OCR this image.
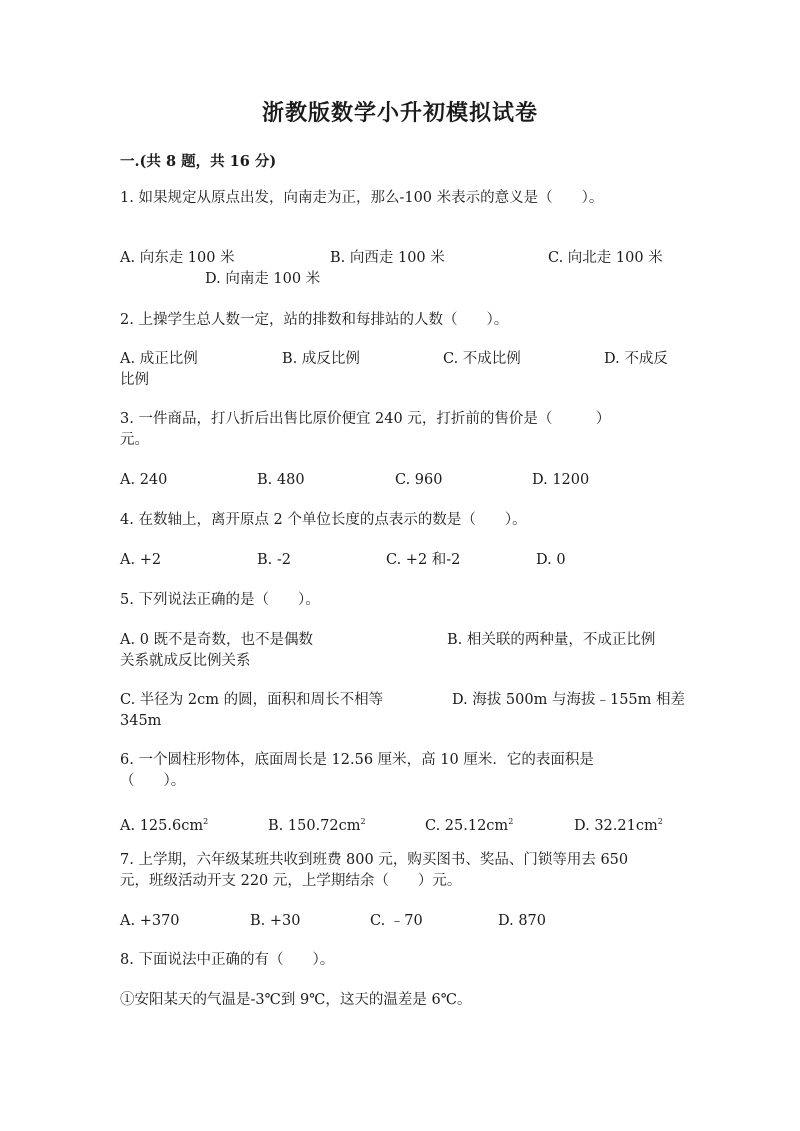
浙教版数学小升初模拟试卷
一.(共 8 题，共 16 分)
1. 如果规定从原点出发，向南走为正，那么-100 米表示的意义是（　　）。
A. 向东走 100 米	B. 向西走 100 米	C. 向北走 100 米
D. 向南走 100 米
2. 上操学生总人数一定，站的排数和每排站的人数（　　）。
A. 成正比例	B. 成反比例	C. 不成比例	D. 不成反
比例
3. 一件商品，打八折后出售比原价便宜 240 元，打折前的售价是（　　　）
元。
A. 240	B. 480	C. 960	D. 1200
4. 在数轴上，离开原点 2 个单位长度的点表示的数是（　　）。
A. +2	B. -2	C. +2 和-2	D. 0
5. 下列说法正确的是（　　）。
A. 0 既不是奇数，也不是偶数	B. 相关联的两种量，不成正比例
关系就成反比例关系
C. 半径为 2cm 的圆，面积和周长不相等	D. 海拔 500m 与海拔﹣155m 相差
345m
6. 一个圆柱形物体，底面周长是 12.56 厘米，高 10 厘米．它的表面积是
（　　）。
A. $125.6cm^2$	B. $150.72cm^2$	C. $25.12cm^2$	D. $32.21cm^2$
7. 上学期，六年级某班共收到班费 800 元，购买图书、奖品、门锁等用去 650
元，班级活动开支 220 元，上学期结余（　　）元。
A. +370	B. +30	C. ﹣70	D. 870
8. 下面说法中正确的有（　　）。
①安阳某天的气温是-3℃到 9℃，这天的温差是 6℃。
